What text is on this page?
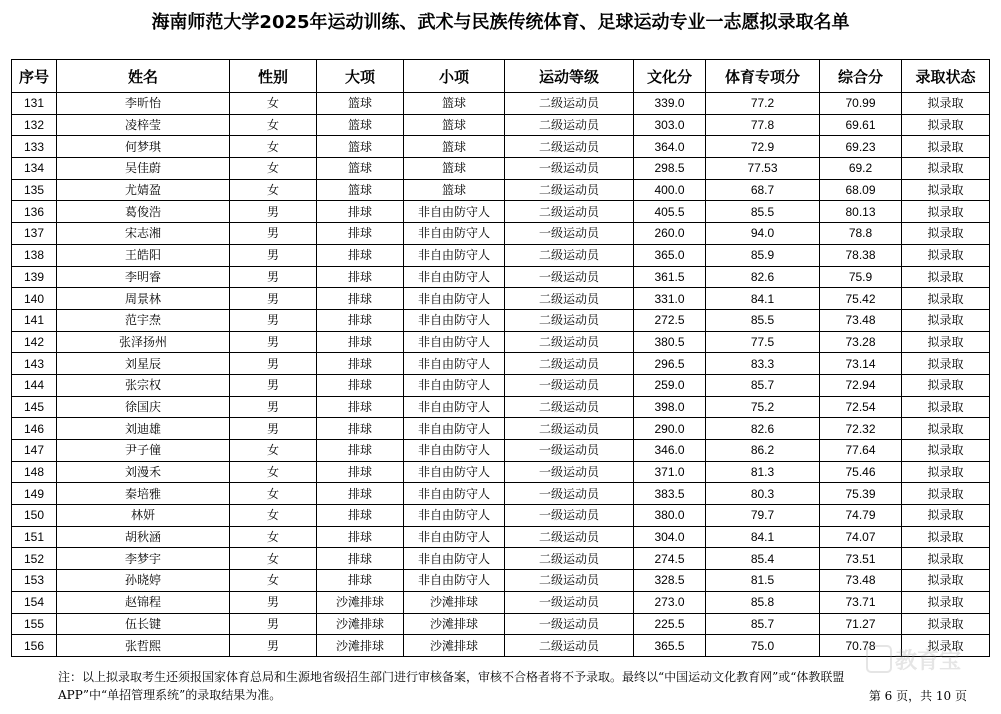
海南师范大学2025年运动训练、武术与民族传统体育、足球运动专业一志愿拟录取名单
序号	姓名	性别	大项	小项	运动等级	文化分	体育专项分	综合分	录取状态
131	李昕怡	女	篮球	篮球	二级运动员	339.0	77.2	70.99	拟录取
132	凌梓莹	女	篮球	篮球	二级运动员	303.0	77.8	69.61	拟录取
133	何梦琪	女	篮球	篮球	二级运动员	364.0	72.9	69.23	拟录取
134	吴佳蔚	女	篮球	篮球	一级运动员	298.5	77.53	69.2	拟录取
135	尤婧盈	女	篮球	篮球	二级运动员	400.0	68.7	68.09	拟录取
136	葛俊浩	男	排球	非自由防守人	二级运动员	405.5	85.5	80.13	拟录取
137	宋志湘	男	排球	非自由防守人	一级运动员	260.0	94.0	78.8	拟录取
138	王皓阳	男	排球	非自由防守人	二级运动员	365.0	85.9	78.38	拟录取
139	李明睿	男	排球	非自由防守人	一级运动员	361.5	82.6	75.9	拟录取
140	周景林	男	排球	非自由防守人	二级运动员	331.0	84.1	75.42	拟录取
141	范宇焘	男	排球	非自由防守人	二级运动员	272.5	85.5	73.48	拟录取
142	张泽扬州	男	排球	非自由防守人	二级运动员	380.5	77.5	73.28	拟录取
143	刘星辰	男	排球	非自由防守人	二级运动员	296.5	83.3	73.14	拟录取
144	张宗权	男	排球	非自由防守人	一级运动员	259.0	85.7	72.94	拟录取
145	徐国庆	男	排球	非自由防守人	二级运动员	398.0	75.2	72.54	拟录取
146	刘迪雄	男	排球	非自由防守人	二级运动员	290.0	82.6	72.32	拟录取
147	尹子僮	女	排球	非自由防守人	一级运动员	346.0	86.2	77.64	拟录取
148	刘漫禾	女	排球	非自由防守人	一级运动员	371.0	81.3	75.46	拟录取
149	秦培雅	女	排球	非自由防守人	一级运动员	383.5	80.3	75.39	拟录取
150	林妍	女	排球	非自由防守人	一级运动员	380.0	79.7	74.79	拟录取
151	胡秋涵	女	排球	非自由防守人	二级运动员	304.0	84.1	74.07	拟录取
152	李梦宇	女	排球	非自由防守人	二级运动员	274.5	85.4	73.51	拟录取
153	孙晓婷	女	排球	非自由防守人	二级运动员	328.5	81.5	73.48	拟录取
154	赵锦程	男	沙滩排球	沙滩排球	一级运动员	273.0	85.8	73.71	拟录取
155	伍长键	男	沙滩排球	沙滩排球	一级运动员	225.5	85.7	71.27	拟录取
156	张哲熙	男	沙滩排球	沙滩排球	二级运动员	365.5	75.0	70.78	拟录取
注：以上拟录取考生还须报国家体育总局和生源地省级招生部门进行审核备案，审核不合格者将不予录取。最终以“中国运动文化教育网”或“体教联盟APP”中“单招管理系统”的录取结果为准。	第 6 页，共 10 页
教育宝
